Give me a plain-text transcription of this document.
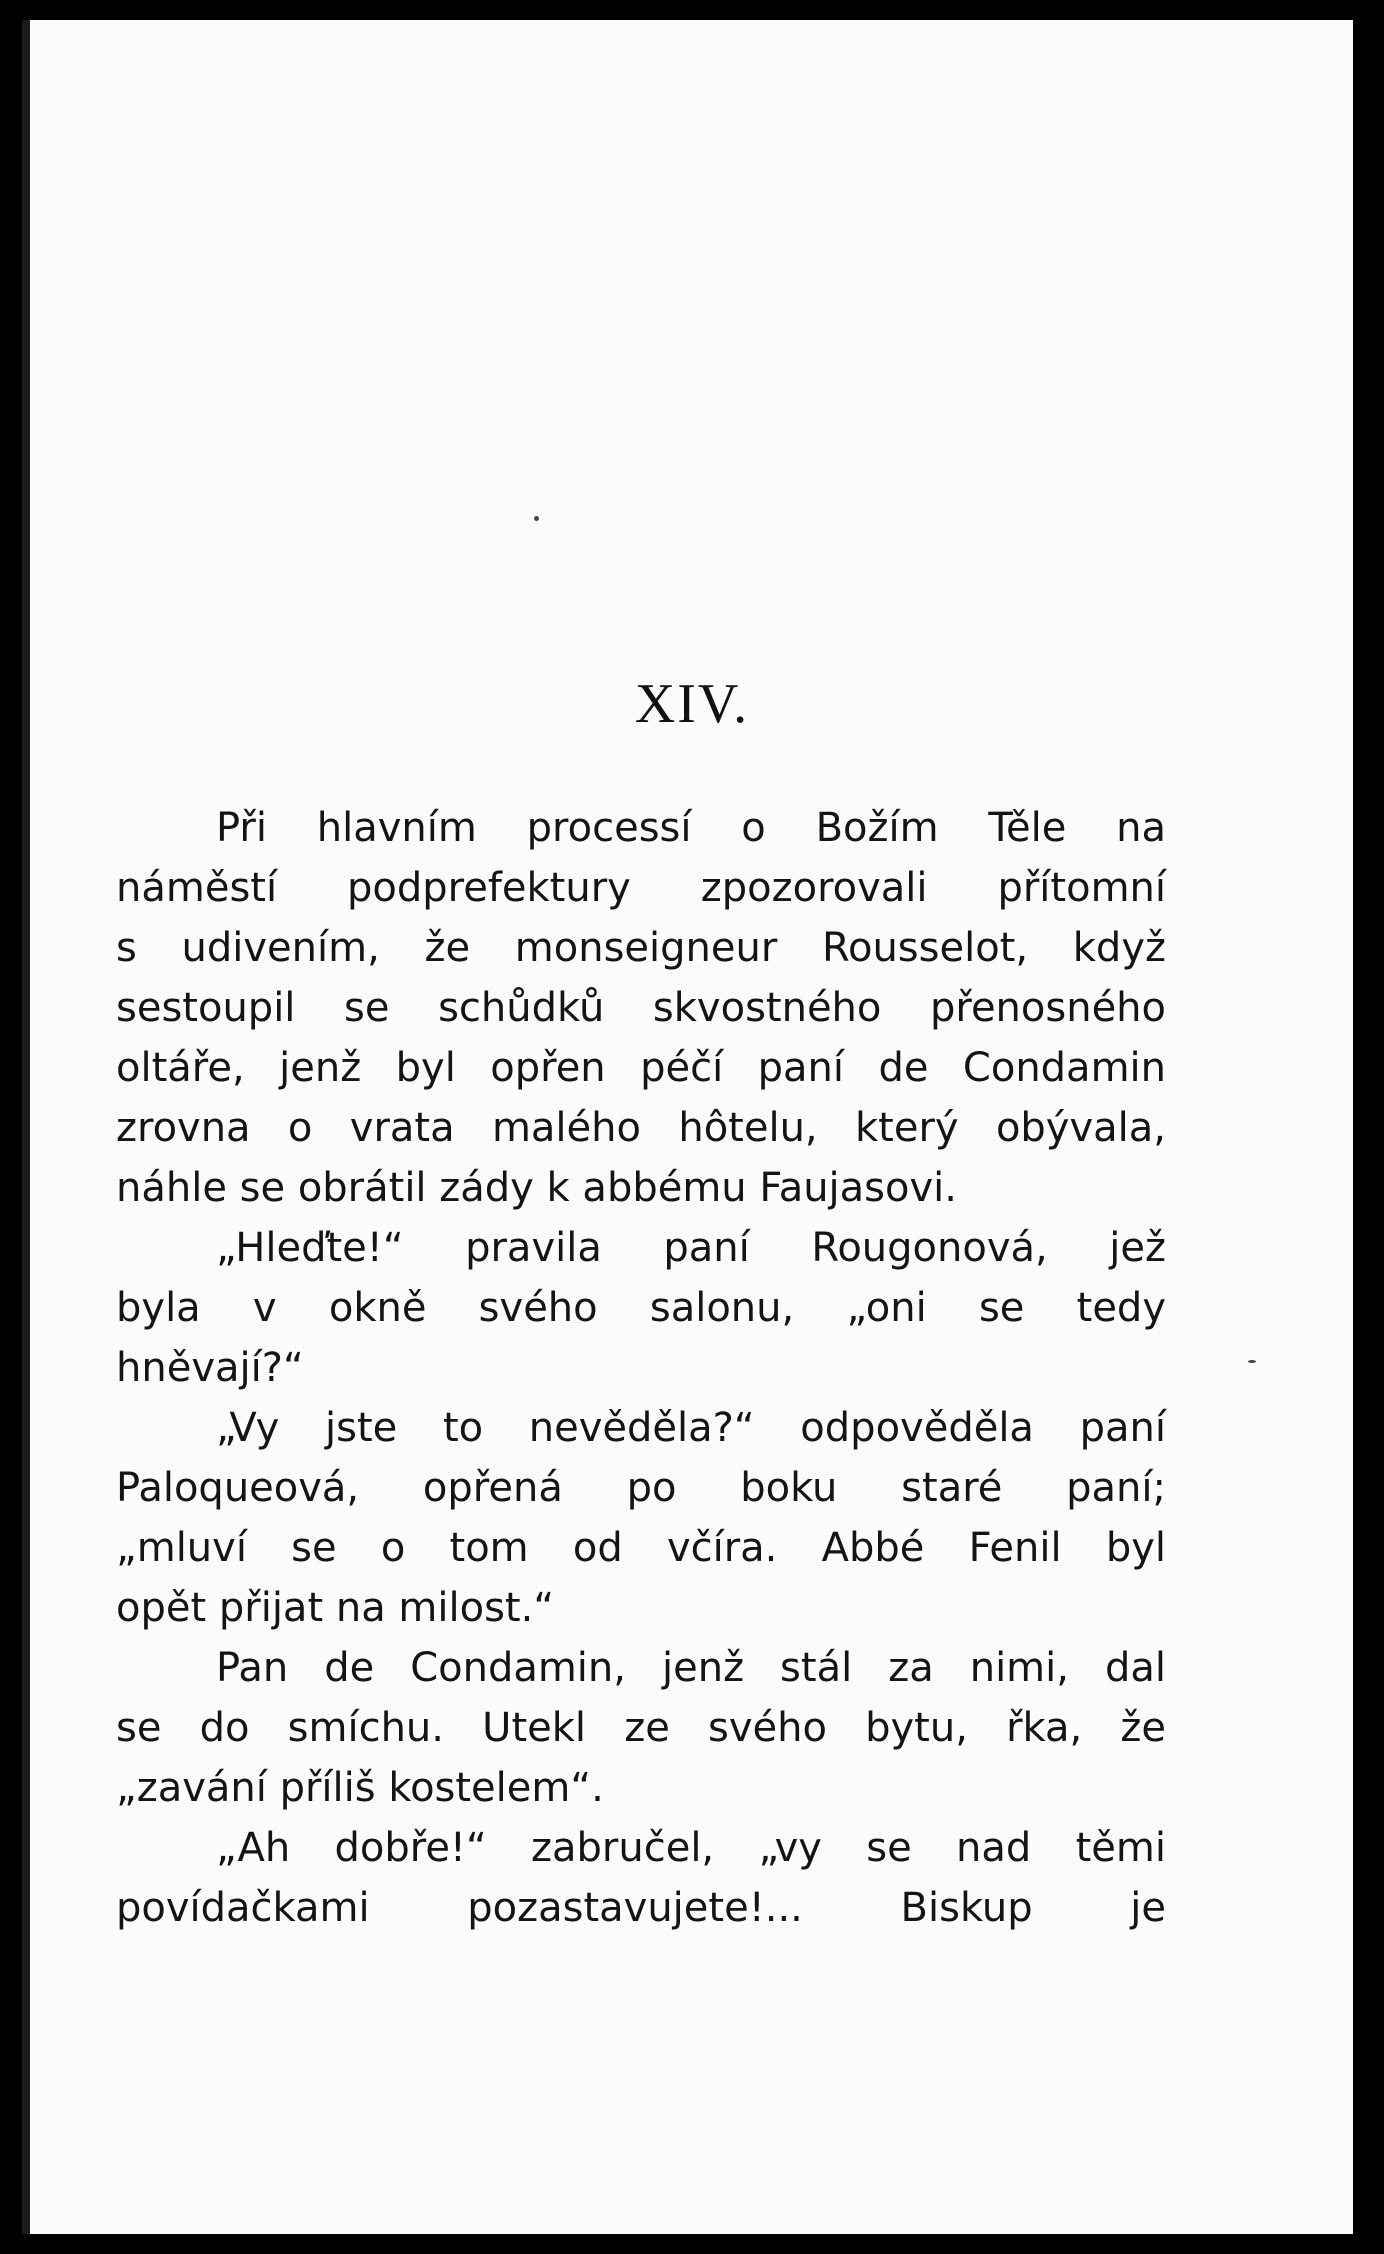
XIV.
Při hlavním processí o Božím Těle na
náměstí podprefektury zpozorovali přítomní
s udivením, že monseigneur Rousselot, když
sestoupil se schůdků skvostného přenosného
oltáře, jenž byl opřen péčí paní de Condamin
zrovna o vrata malého hôtelu, který obývala,
náhle se obrátil zády k abbému Faujasovi.
„Hleďte!“ pravila paní Rougonová, jež
byla v okně svého salonu, „oni se tedy
hněvají?“
„Vy jste to nevěděla?“ odpověděla paní
Paloqueová, opřená po boku staré paní;
„mluví se o tom od včíra. Abbé Fenil byl
opět přijat na milost.“
Pan de Condamin, jenž stál za nimi, dal
se do smíchu. Utekl ze svého bytu, řka, že
„zavání příliš kostelem“.
„Ah dobře!“ zabručel, „vy se nad těmi
povídačkami pozastavujete!... Biskup je
